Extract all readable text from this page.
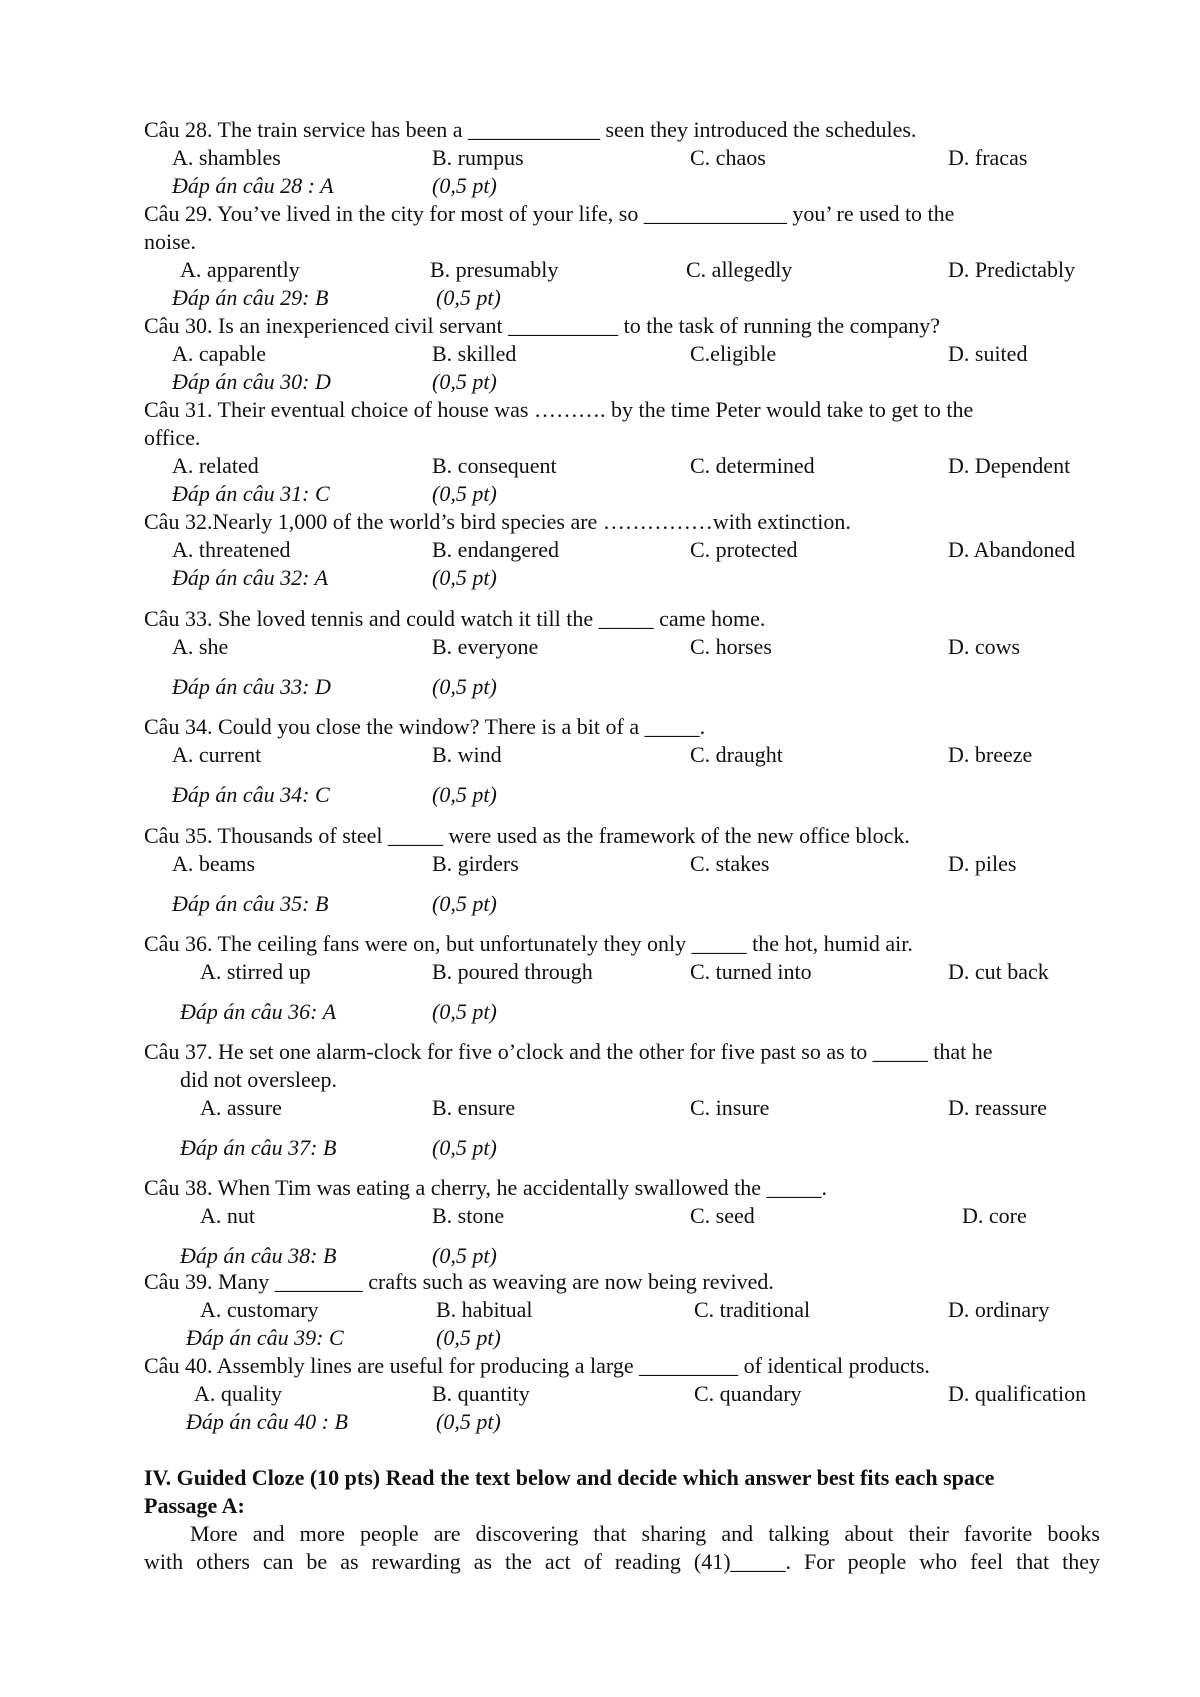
Câu 28. The train service has been a ____________ seen they introduced the schedules.
A. shambles	B. rumpus	C. chaos	D. fracas
Đáp án câu 28 : A	(0,5 pt)
Câu 29. You’ve lived in the city for most of your life, so _____________ you’ re used to the
noise.
A. apparently	B. presumably	C. allegedly	D. Predictably
Đáp án câu 29: B	(0,5 pt)
Câu 30. Is an inexperienced civil servant __________ to the task of running the company?
A. capable	B. skilled	C.eligible	D. suited
Đáp án câu 30: D	(0,5 pt)
Câu 31. Their eventual choice of house was ………. by the time Peter would take to get to the
office.
A. related	B. consequent	C. determined	D. Dependent
Đáp án câu 31: C	(0,5 pt)
Câu 32.Nearly 1,000 of the world’s bird species are ……………with extinction.
A. threatened	B. endangered	C. protected	D. Abandoned
Đáp án câu 32: A	(0,5 pt)
Câu 33. She loved tennis and could watch it till the _____ came home.
A. she	B. everyone	C. horses	D. cows
Đáp án câu 33: D	(0,5 pt)
Câu 34. Could you close the window? There is a bit of a _____.
A. current	B. wind	C. draught	D. breeze
Đáp án câu 34: C	(0,5 pt)
Câu 35. Thousands of steel _____ were used as the framework of the new office block.
A. beams	B. girders	C. stakes	D. piles
Đáp án câu 35: B	(0,5 pt)
Câu 36. The ceiling fans were on, but unfortunately they only _____ the hot, humid air.
A. stirred up	B. poured through	C. turned into	D. cut back
Đáp án câu 36: A	(0,5 pt)
Câu 37. He set one alarm-clock for five o’clock and the other for five past so as to _____ that he
did not oversleep.
A. assure	B. ensure	C. insure	D. reassure
Đáp án câu 37: B	(0,5 pt)
Câu 38. When Tim was eating a cherry, he accidentally swallowed the _____.
A. nut	B. stone	C. seed	D. core
Đáp án câu 38: B	(0,5 pt)
Câu 39. Many ________ crafts such as weaving are now being revived.
A. customary	B. habitual	C. traditional	D. ordinary
Đáp án câu 39: C	(0,5 pt)
Câu 40. Assembly lines are useful for producing a large _________ of identical products.
A. quality	B. quantity	C. quandary	D. qualification
Đáp án câu 40 : B	(0,5 pt)
IV. Guided Cloze (10 pts) Read the text below and decide which answer best fits each space
Passage A:
More and more people are discovering that sharing and talking about their favorite books
with others can be as rewarding as the act of reading (41)_____. For people who feel that they
